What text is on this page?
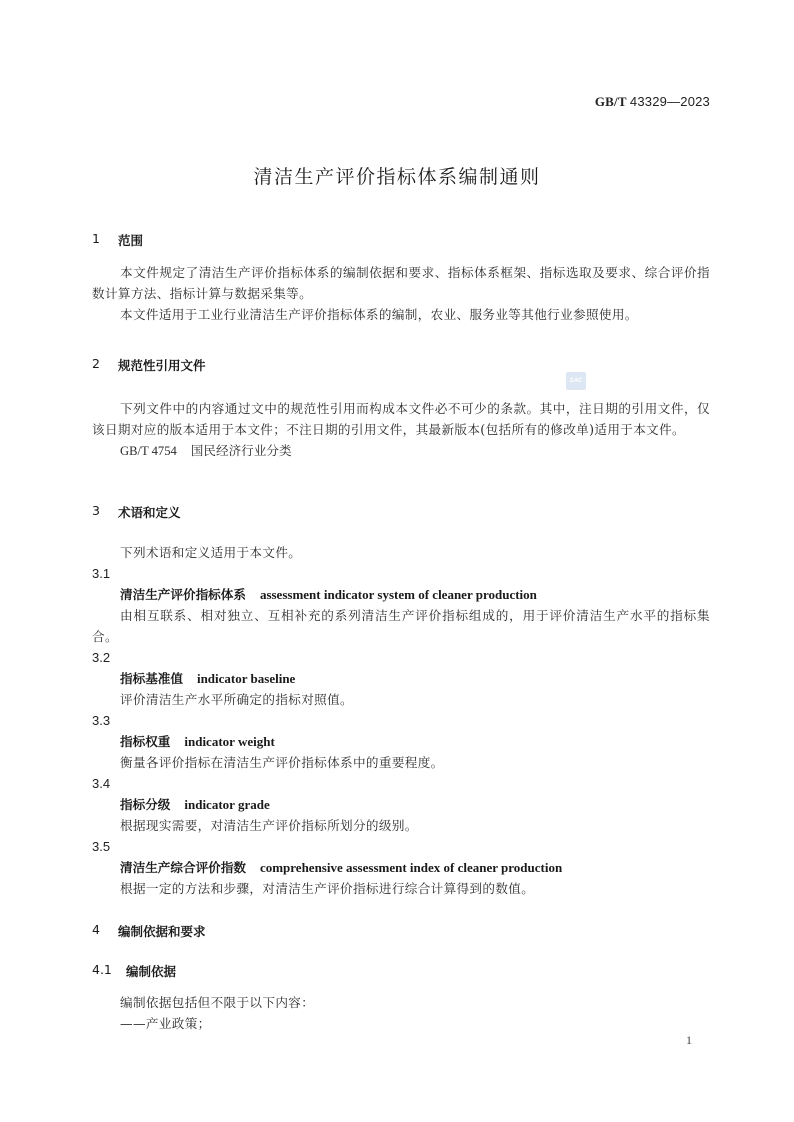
GB/T 43329—2023
清洁生产评价指标体系编制通则
1	范围
本文件规定了清洁生产评价指标体系的编制依据和要求、指标体系框架、指标选取及要求、综合评价指数计算方法、指标计算与数据采集等。
本文件适用于工业行业清洁生产评价指标体系的编制，农业、服务业等其他行业参照使用。
2	规范性引用文件
SAC
下列文件中的内容通过文中的规范性引用而构成本文件必不可少的条款。其中，注日期的引用文件，仅该日期对应的版本适用于本文件；不注日期的引用文件，其最新版本(包括所有的修改单)适用于本文件。
GB/T 4754 国民经济行业分类
3	术语和定义
下列术语和定义适用于本文件。
3.1
清洁生产评价指标体系 assessment indicator system of cleaner production
由相互联系、相对独立、互相补充的系列清洁生产评价指标组成的，用于评价清洁生产水平的指标集合。
3.2
指标基准值 indicator baseline
评价清洁生产水平所确定的指标对照值。
3.3
指标权重 indicator weight
衡量各评价指标在清洁生产评价指标体系中的重要程度。
3.4
指标分级 indicator grade
根据现实需要，对清洁生产评价指标所划分的级别。
3.5
清洁生产综合评价指数 comprehensive assessment index of cleaner production
根据一定的方法和步骤，对清洁生产评价指标进行综合计算得到的数值。
4	编制依据和要求
4.1	编制依据
编制依据包括但不限于以下内容：
——产业政策；
1
